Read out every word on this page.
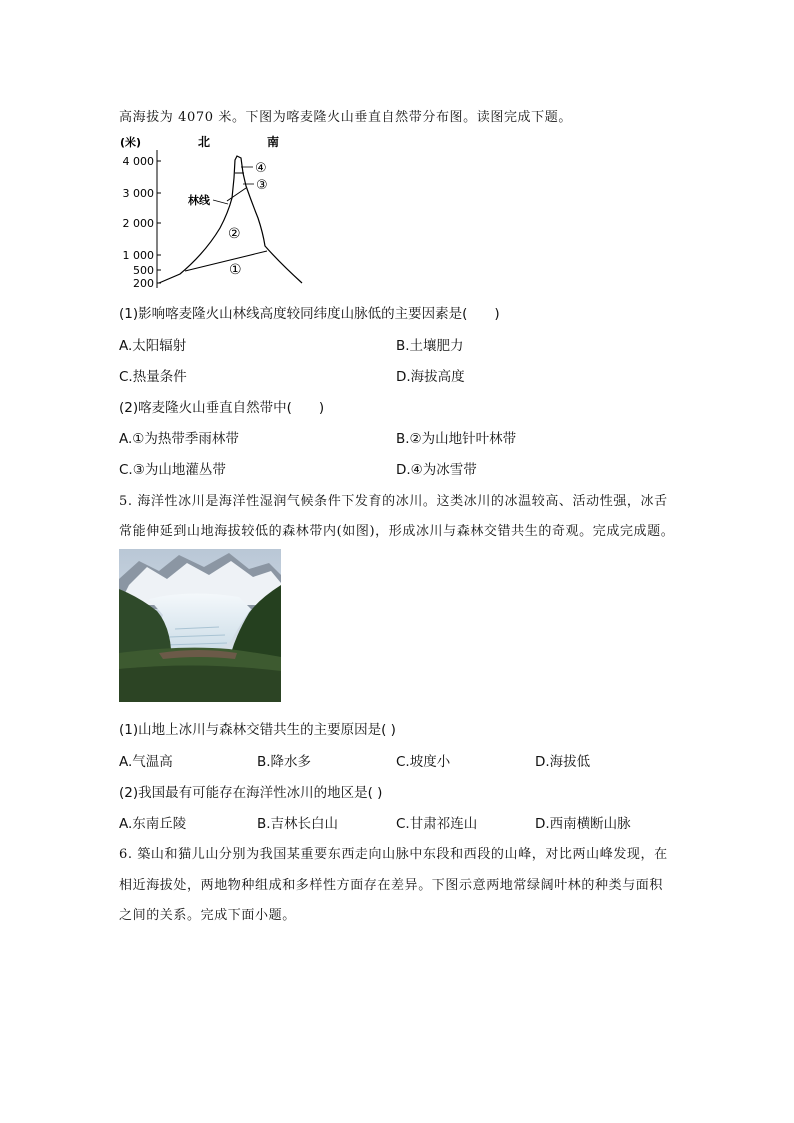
高海拔为 4070 米。下图为喀麦隆火山垂直自然带分布图。读图完成下题。
(米)	北	南
4 000
3 000
2 000
1 000
500
200
④
③
②
①
林线
(1)影响喀麦隆火山林线高度较同纬度山脉低的主要因素是(　　)
A.太阳辐射	B.土壤肥力
C.热量条件	D.海拔高度
(2)喀麦隆火山垂直自然带中(　　)
A.①为热带季雨林带	B.②为山地针叶林带
C.③为山地灌丛带	D.④为冰雪带
5. 海洋性冰川是海洋性湿润气候条件下发育的冰川。这类冰川的冰温较高、活动性强，冰舌
常能伸延到山地海拔较低的森林带内(如图)，形成冰川与森林交错共生的奇观。完成完成题。
(1)山地上冰川与森林交错共生的主要原因是( )
A.气温高	B.降水多	C.坡度小	D.海拔低
(2)我国最有可能存在海洋性冰川的地区是( )
A.东南丘陵	B.吉林长白山	C.甘肃祁连山	D.西南横断山脉
6. 築山和猫儿山分别为我国某重要东西走向山脉中东段和西段的山峰，对比两山峰发现，在
相近海拔处，两地物种组成和多样性方面存在差异。下图示意两地常绿阔叶林的种类与面积
之间的关系。完成下面小题。
